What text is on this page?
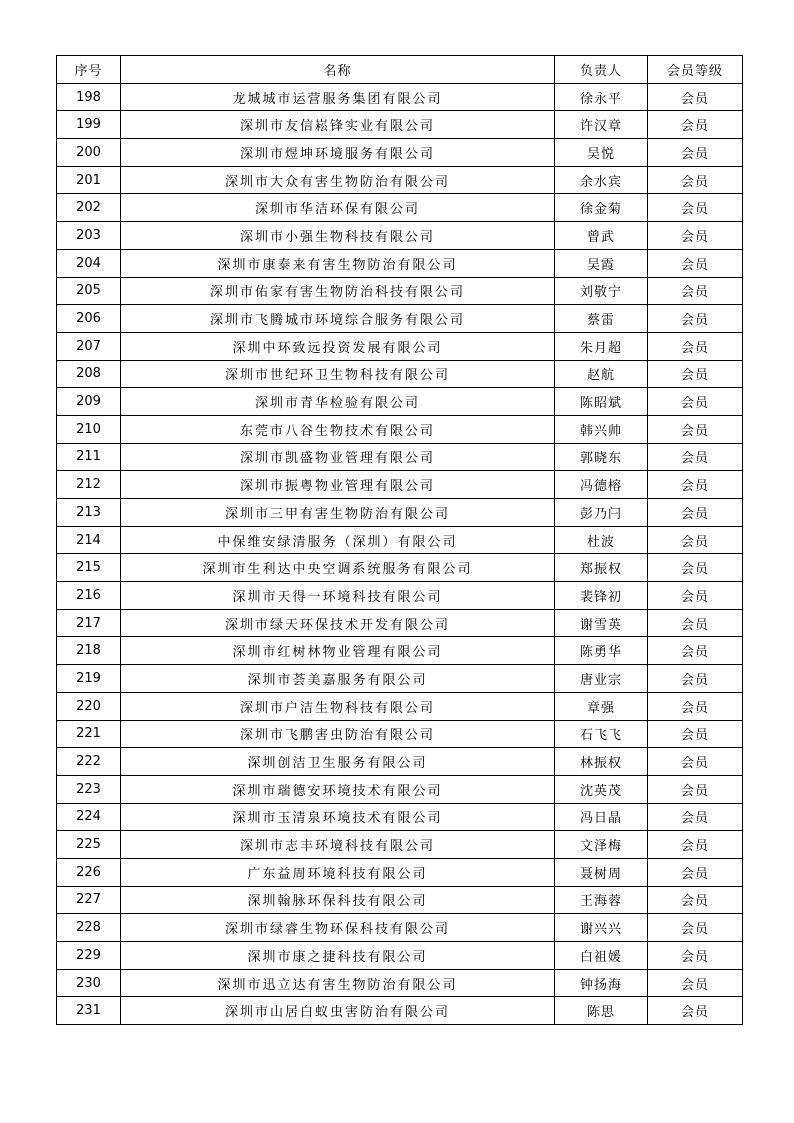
序号	名称	负责人	会员等级
198	龙城城市运营服务集团有限公司	徐永平	会员
199	深圳市友信崧锋实业有限公司	许汉章	会员
200	深圳市煜坤环境服务有限公司	吴悦	会员
201	深圳市大众有害生物防治有限公司	余水宾	会员
202	深圳市华洁环保有限公司	徐金菊	会员
203	深圳市小强生物科技有限公司	曾武	会员
204	深圳市康泰来有害生物防治有限公司	吴霞	会员
205	深圳市佑家有害生物防治科技有限公司	刘敬宁	会员
206	深圳市飞腾城市环境综合服务有限公司	蔡雷	会员
207	深圳中环致远投资发展有限公司	朱月超	会员
208	深圳市世纪环卫生物科技有限公司	赵航	会员
209	深圳市青华检验有限公司	陈昭斌	会员
210	东莞市八谷生物技术有限公司	韩兴帅	会员
211	深圳市凯盛物业管理有限公司	郭晓东	会员
212	深圳市振粤物业管理有限公司	冯德榕	会员
213	深圳市三甲有害生物防治有限公司	彭乃闩	会员
214	中保维安绿清服务（深圳）有限公司	杜波	会员
215	深圳市生利达中央空调系统服务有限公司	郑振权	会员
216	深圳市天得一环境科技有限公司	裴锋初	会员
217	深圳市绿天环保技术开发有限公司	谢雪英	会员
218	深圳市红树林物业管理有限公司	陈勇华	会员
219	深圳市荟美嘉服务有限公司	唐业宗	会员
220	深圳市户洁生物科技有限公司	章强	会员
221	深圳市飞鹏害虫防治有限公司	石飞飞	会员
222	深圳创洁卫生服务有限公司	林振权	会员
223	深圳市瑞德安环境技术有限公司	沈英茂	会员
224	深圳市玉清泉环境技术有限公司	冯日晶	会员
225	深圳市志丰环境科技有限公司	文泽梅	会员
226	广东益周环境科技有限公司	聂树周	会员
227	深圳翰脉环保科技有限公司	王海蓉	会员
228	深圳市绿睿生物环保科技有限公司	谢兴兴	会员
229	深圳市康之捷科技有限公司	白祖媛	会员
230	深圳市迅立达有害生物防治有限公司	钟扬海	会员
231	深圳市山居白蚁虫害防治有限公司	陈思	会员
